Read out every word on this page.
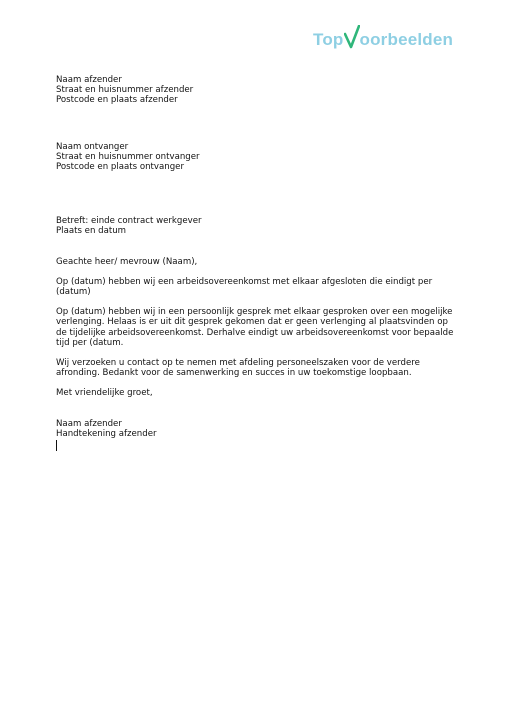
Top oorbeelden
Naam afzender
Straat en huisnummer afzender
Postcode en plaats afzender
Naam ontvanger
Straat en huisnummer ontvanger
Postcode en plaats ontvanger
Betreft: einde contract werkgever
Plaats en datum
Geachte heer/ mevrouw (Naam),
Op (datum) hebben wij een arbeidsovereenkomst met elkaar afgesloten die eindigt per (datum)
Op (datum) hebben wij in een persoonlijk gesprek met elkaar gesproken over een mogelijke verlenging. Helaas is er uit dit gesprek gekomen dat er geen verlenging al plaatsvinden op de tijdelijke arbeidsovereenkomst. Derhalve eindigt uw arbeidsovereenkomst voor bepaalde tijd per (datum.
Wij verzoeken u contact op te nemen met afdeling personeelszaken voor de verdere afronding. Bedankt voor de samenwerking en succes in uw toekomstige loopbaan.
Met vriendelijke groet,
Naam afzender
Handtekening afzender
